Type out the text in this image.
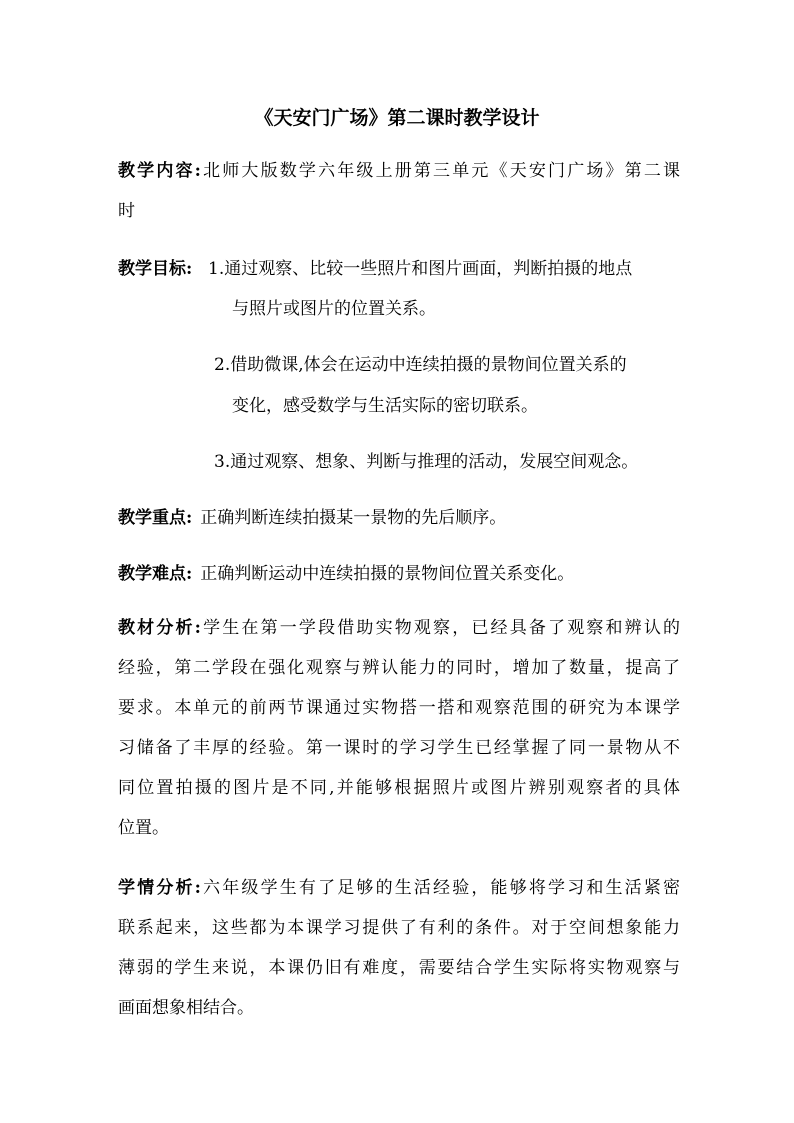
《天安门广场》第二课时教学设计
教学内容:北师大版数学六年级上册第三单元《天安门广场》第二课
时
教学目标: 1.通过观察、比较一些照片和图片画面，判断拍摄的地点
与照片或图片的位置关系。
2.借助微课,体会在运动中连续拍摄的景物间位置关系的
变化，感受数学与生活实际的密切联系。
3.通过观察、想象、判断与推理的活动，发展空间观念。
教学重点: 正确判断连续拍摄某一景物的先后顺序。
教学难点: 正确判断运动中连续拍摄的景物间位置关系变化。
教材分析:学生在第一学段借助实物观察，已经具备了观察和辨认的
经验，第二学段在强化观察与辨认能力的同时，增加了数量，提高了
要求。本单元的前两节课通过实物搭一搭和观察范围的研究为本课学
习储备了丰厚的经验。第一课时的学习学生已经掌握了同一景物从不
同位置拍摄的图片是不同,并能够根据照片或图片辨别观察者的具体
位置。
学情分析:六年级学生有了足够的生活经验，能够将学习和生活紧密
联系起来，这些都为本课学习提供了有利的条件。对于空间想象能力
薄弱的学生来说，本课仍旧有难度，需要结合学生实际将实物观察与
画面想象相结合。
